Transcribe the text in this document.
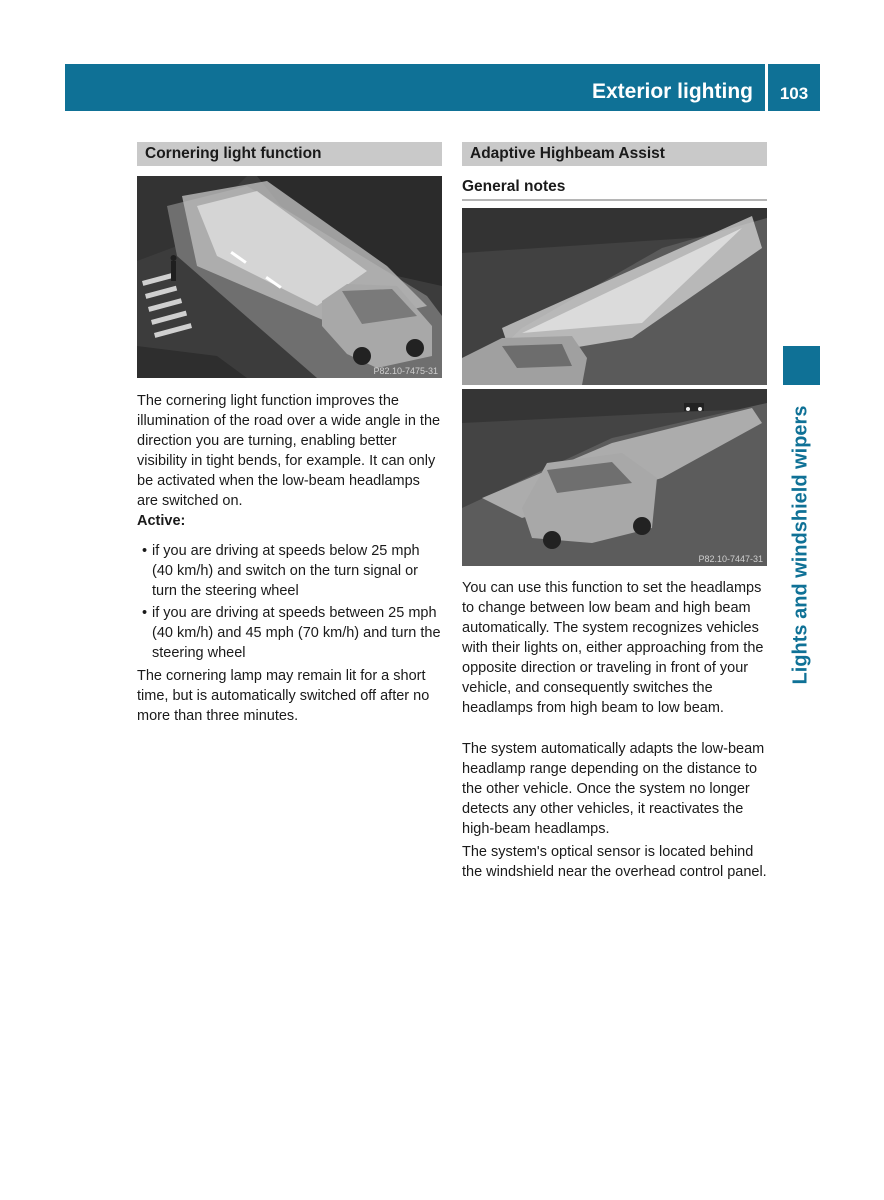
Exterior lighting	103
Lights and windshield wipers
Cornering light function
P82.10-7475-31

The cornering light function improves the illumination of the road over a wide angle in the direction you are turning, enabling better visibility in tight bends, for example. It can only be activated when the low-beam headlamps are switched on.

Active:
• if you are driving at speeds below 25 mph (40 km/h) and switch on the turn signal or turn the steering wheel
• if you are driving at speeds between 25 mph (40 km/h) and 45 mph (70 km/h) and turn the steering wheel

The cornering lamp may remain lit for a short time, but is automatically switched off after no more than three minutes.

Adaptive Highbeam Assist
General notes
P82.10-7447-31

You can use this function to set the headlamps to change between low beam and high beam automatically. The system recognizes vehicles with their lights on, either approaching from the opposite direction or traveling in front of your vehicle, and consequently switches the headlamps from high beam to low beam.

The system automatically adapts the low-beam headlamp range depending on the distance to the other vehicle. Once the system no longer detects any other vehicles, it reactivates the high-beam headlamps.

The system's optical sensor is located behind the windshield near the overhead control panel.
